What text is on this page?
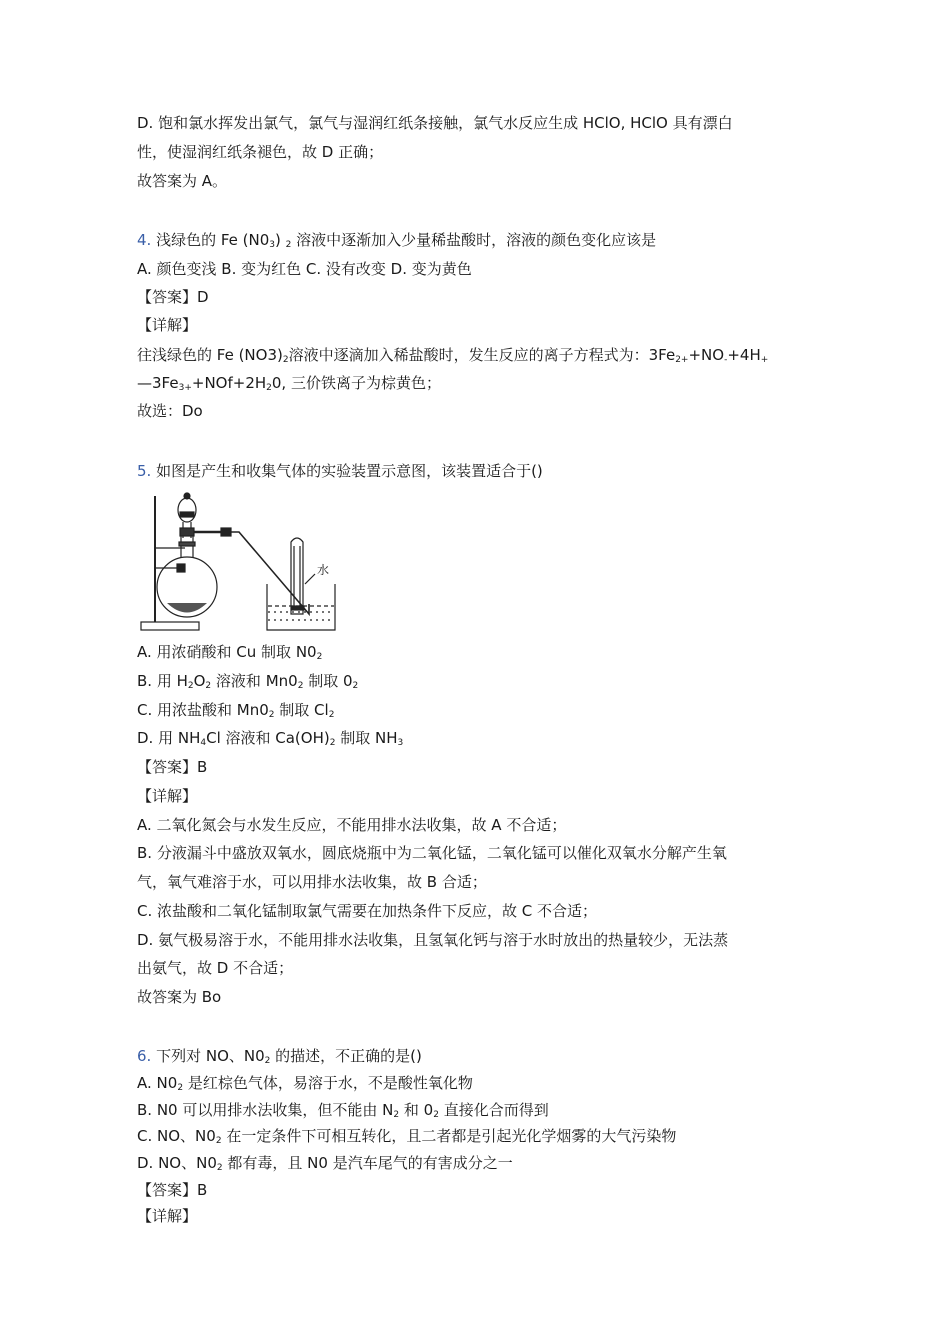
D. 饱和氯水挥发出氯气，氯气与湿润红纸条接触，氯气水反应生成 HClO, HClO 具有漂白
性，使湿润红纸条褪色，故 D 正确；
故答案为 A。
4. 浅绿色的 Fe (N03) 2 溶液中逐渐加入少量稀盐酸时，溶液的颜色变化应该是
A. 颜色变浅 B. 变为红色 C. 没有改变 D. 变为黄色
【答案】D
【详解】
往浅绿色的 Fe (NO3)2溶液中逐滴加入稀盐酸时，发生反应的离子方程式为：3Fe2++NO-+4H+
—3Fe3++NOf+2H20, 三价铁离子为棕黄色；
故选：Do
5. 如图是产生和收集气体的实验装置示意图，该装置适合于()
水
A. 用浓硝酸和 Cu 制取 N02
B. 用 H2O2 溶液和 Mn02 制取 02
C. 用浓盐酸和 Mn02 制取 Cl2
D. 用 NH4Cl 溶液和 Ca(OH)2 制取 NH3
【答案】B
【详解】
A. 二氧化氮会与水发生反应，不能用排水法收集，故 A 不合适；
B. 分液漏斗中盛放双氧水，圆底烧瓶中为二氧化锰，二氧化锰可以催化双氧水分解产生氧
气，氧气难溶于水，可以用排水法收集，故 B 合适；
C. 浓盐酸和二氧化锰制取氯气需要在加热条件下反应，故 C 不合适；
D. 氨气极易溶于水，不能用排水法收集，且氢氧化钙与溶于水时放出的热量较少，无法蒸
出氨气，故 D 不合适；
故答案为 Bo
6. 下列对 NO、N02 的描述，不正确的是()
A. N02 是红棕色气体，易溶于水，不是酸性氧化物
B. N0 可以用排水法收集，但不能由 N2 和 02 直接化合而得到
C. NO、N02 在一定条件下可相互转化，且二者都是引起光化学烟雾的大气污染物
D. NO、N02 都有毒，且 N0 是汽车尾气的有害成分之一
【答案】B
【详解】
